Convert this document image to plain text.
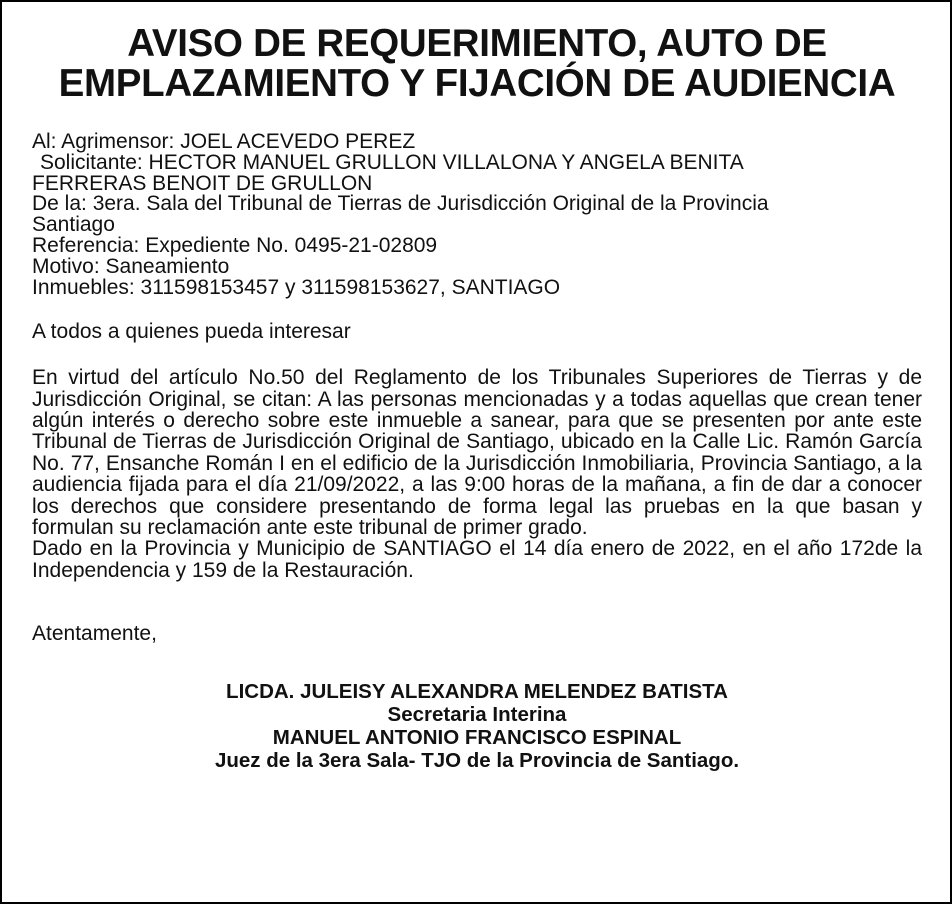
AVISO DE REQUERIMIENTO, AUTO DE
EMPLAZAMIENTO Y FIJACIÓN DE AUDIENCIA
Al: Agrimensor: JOEL ACEVEDO PEREZ
Solicitante: HECTOR MANUEL GRULLON VILLALONA Y ANGELA BENITA
FERRERAS BENOIT DE GRULLON
De la: 3era. Sala del Tribunal de Tierras de Jurisdicción Original de la Provincia
Santiago
Referencia: Expediente No. 0495-21-02809
Motivo: Saneamiento
Inmuebles: 311598153457 y 311598153627, SANTIAGO
A todos a quienes pueda interesar

En virtud del artículo No.50 del Reglamento de los Tribunales Superiores de Tierras y de Jurisdicción Original, se citan: A las personas mencionadas y a todas aquellas que crean tener algún interés o derecho sobre este inmueble a sanear, para que se presenten por ante este Tribunal de Tierras de Jurisdicción Original de Santiago, ubicado en la Calle Lic. Ramón García No. 77, Ensanche Román I en el edificio de la Jurisdicción Inmobiliaria, Provincia Santiago, a la audiencia fijada para el día 21/09/2022, a las 9:00 horas de la mañana, a fin de dar a conocer los derechos que considere presentando de forma legal las pruebas en la que basan y formulan su reclamación ante este tribunal de primer grado.

Dado en la Provincia y Municipio de SANTIAGO el 14 día enero de 2022, en el año 172de la Independencia y 159 de la Restauración.

Atentamente,
LICDA. JULEISY ALEXANDRA MELENDEZ BATISTA
Secretaria Interina
MANUEL ANTONIO FRANCISCO ESPINAL
Juez de la 3era Sala- TJO de la Provincia de Santiago.
